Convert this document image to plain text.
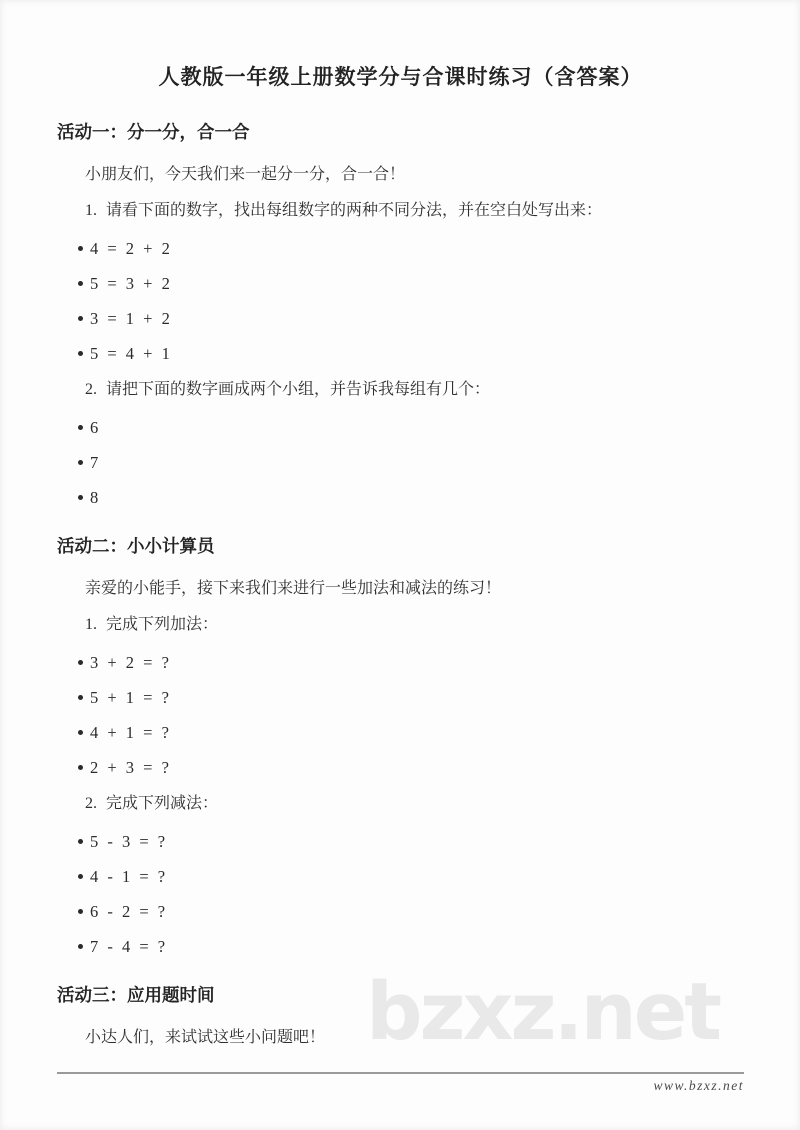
bzxz.net
人教版一年级上册数学分与合课时练习（含答案）
活动一：分一分，合一合

小朋友们，今天我们来一起分一分，合一合！

1. 请看下面的数字，找出每组数字的两种不同分法，并在空白处写出来：

4 = 2 + 2
5 = 3 + 2
3 = 1 + 2
5 = 4 + 1

2. 请把下面的数字画成两个小组，并告诉我每组有几个：

6
7
8
活动二：小小计算员

亲爱的小能手，接下来我们来进行一些加法和减法的练习！

1. 完成下列加法：

3 + 2 = ?
5 + 1 = ?
4 + 1 = ?
2 + 3 = ?

2. 完成下列减法：

5 - 3 = ?
4 - 1 = ?
6 - 2 = ?
7 - 4 = ?
活动三：应用题时间

小达人们，来试试这些小问题吧！

www.bzxz.net
